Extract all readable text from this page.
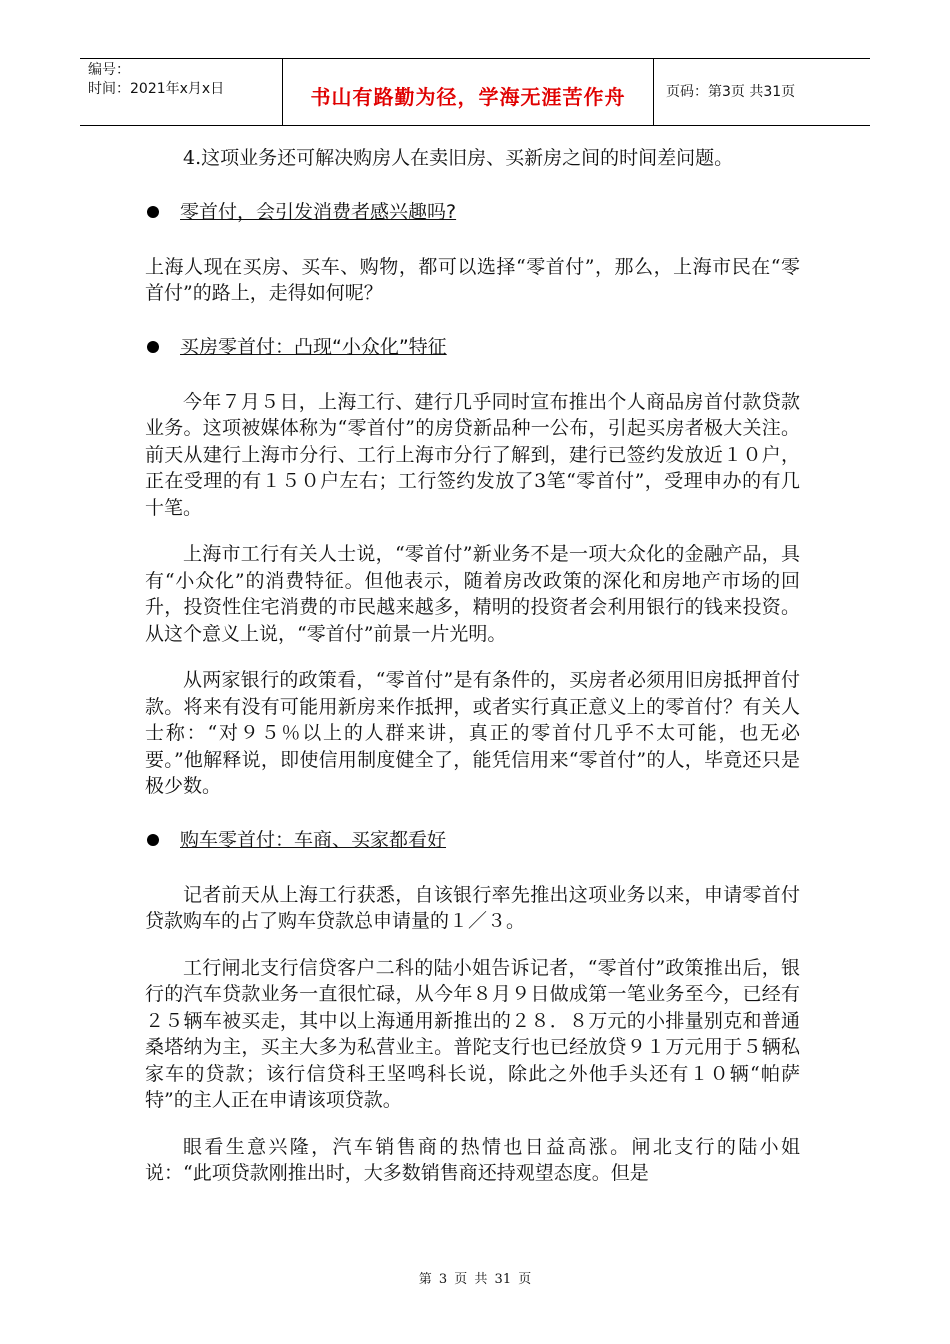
编号：
时间：2021年x月x日	书山有路勤为径，学海无涯苦作舟	页码：第3页 共31页

4.这项业务还可解决购房人在卖旧房、买新房之间的时间差问题。

零首付，会引发消费者感兴趣吗?

上海人现在买房、买车、购物，都可以选择“零首付”，那么，上海市民在“零首付”的路上，走得如何呢？

买房零首付：凸现“小众化”特征

今年７月５日，上海工行、建行几乎同时宣布推出个人商品房首付款贷款业务。这项被媒体称为“零首付”的房贷新品种一公布，引起买房者极大关注。前天从建行上海市分行、工行上海市分行了解到，建行已签约发放近１０户，正在受理的有１５０户左右；工行签约发放了3笔“零首付”，受理申办的有几十笔。

上海市工行有关人士说，“零首付”新业务不是一项大众化的金融产品，具有“小众化”的消费特征。但他表示，随着房改政策的深化和房地产市场的回升，投资性住宅消费的市民越来越多，精明的投资者会利用银行的钱来投资。从这个意义上说，“零首付”前景一片光明。

从两家银行的政策看，“零首付”是有条件的，买房者必须用旧房抵押首付款。将来有没有可能用新房来作抵押，或者实行真正意义上的零首付？有关人士称：“对９５％以上的人群来讲，真正的零首付几乎不太可能，也无必要。”他解释说，即使信用制度健全了，能凭信用来“零首付”的人，毕竟还只是极少数。

购车零首付：车商、买家都看好

记者前天从上海工行获悉，自该银行率先推出这项业务以来，申请零首付贷款购车的占了购车贷款总申请量的１／３。

工行闸北支行信贷客户二科的陆小姐告诉记者，“零首付”政策推出后，银行的汽车贷款业务一直很忙碌，从今年８月９日做成第一笔业务至今，已经有２５辆车被买走，其中以上海通用新推出的２８．８万元的小排量别克和普通桑塔纳为主，买主大多为私营业主。普陀支行也已经放贷９１万元用于５辆私家车的贷款；该行信贷科王坚鸣科长说，除此之外他手头还有１０辆“帕萨特”的主人正在申请该项贷款。

眼看生意兴隆，汽车销售商的热情也日益高涨。闸北支行的陆小姐说：“此项贷款刚推出时，大多数销售商还持观望态度。但是

第 3 页 共 31 页
